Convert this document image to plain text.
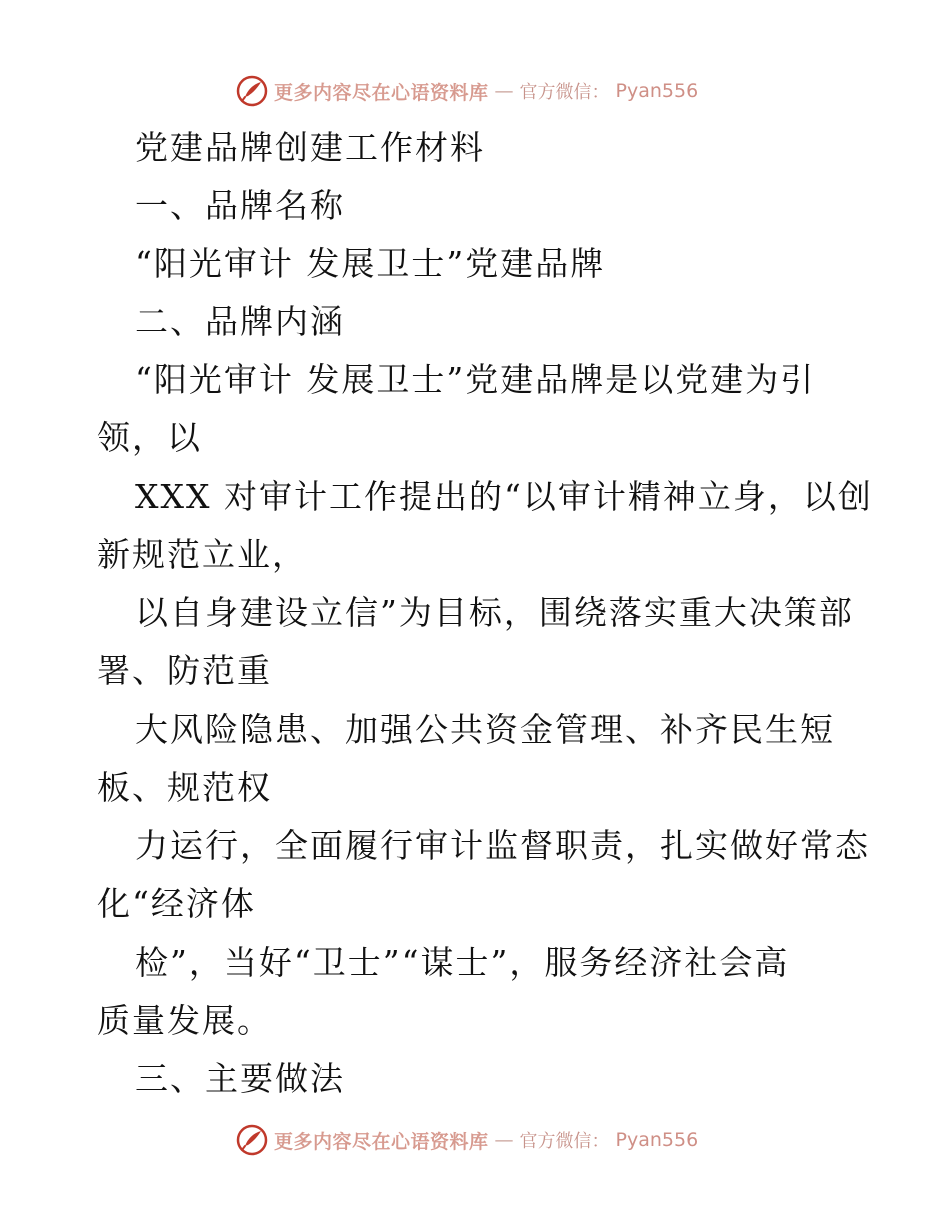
更多内容尽在心语资料库 — 官方微信： Pyan556
党建品牌创建工作材料
一、品牌名称
“阳光审计 发展卫士”党建品牌
二、品牌内涵
“阳光审计 发展卫士”党建品牌是以党建为引
领，以
XXX 对审计工作提出的“以审计精神立身，以创
新规范立业，
以自身建设立信”为目标，围绕落实重大决策部
署、防范重
大风险隐患、加强公共资金管理、补齐民生短
板、规范权
力运行，全面履行审计监督职责，扎实做好常态
化“经济体
检”，当好“卫士”“谋士”，服务经济社会高
质量发展。
三、主要做法
更多内容尽在心语资料库 — 官方微信： Pyan556
